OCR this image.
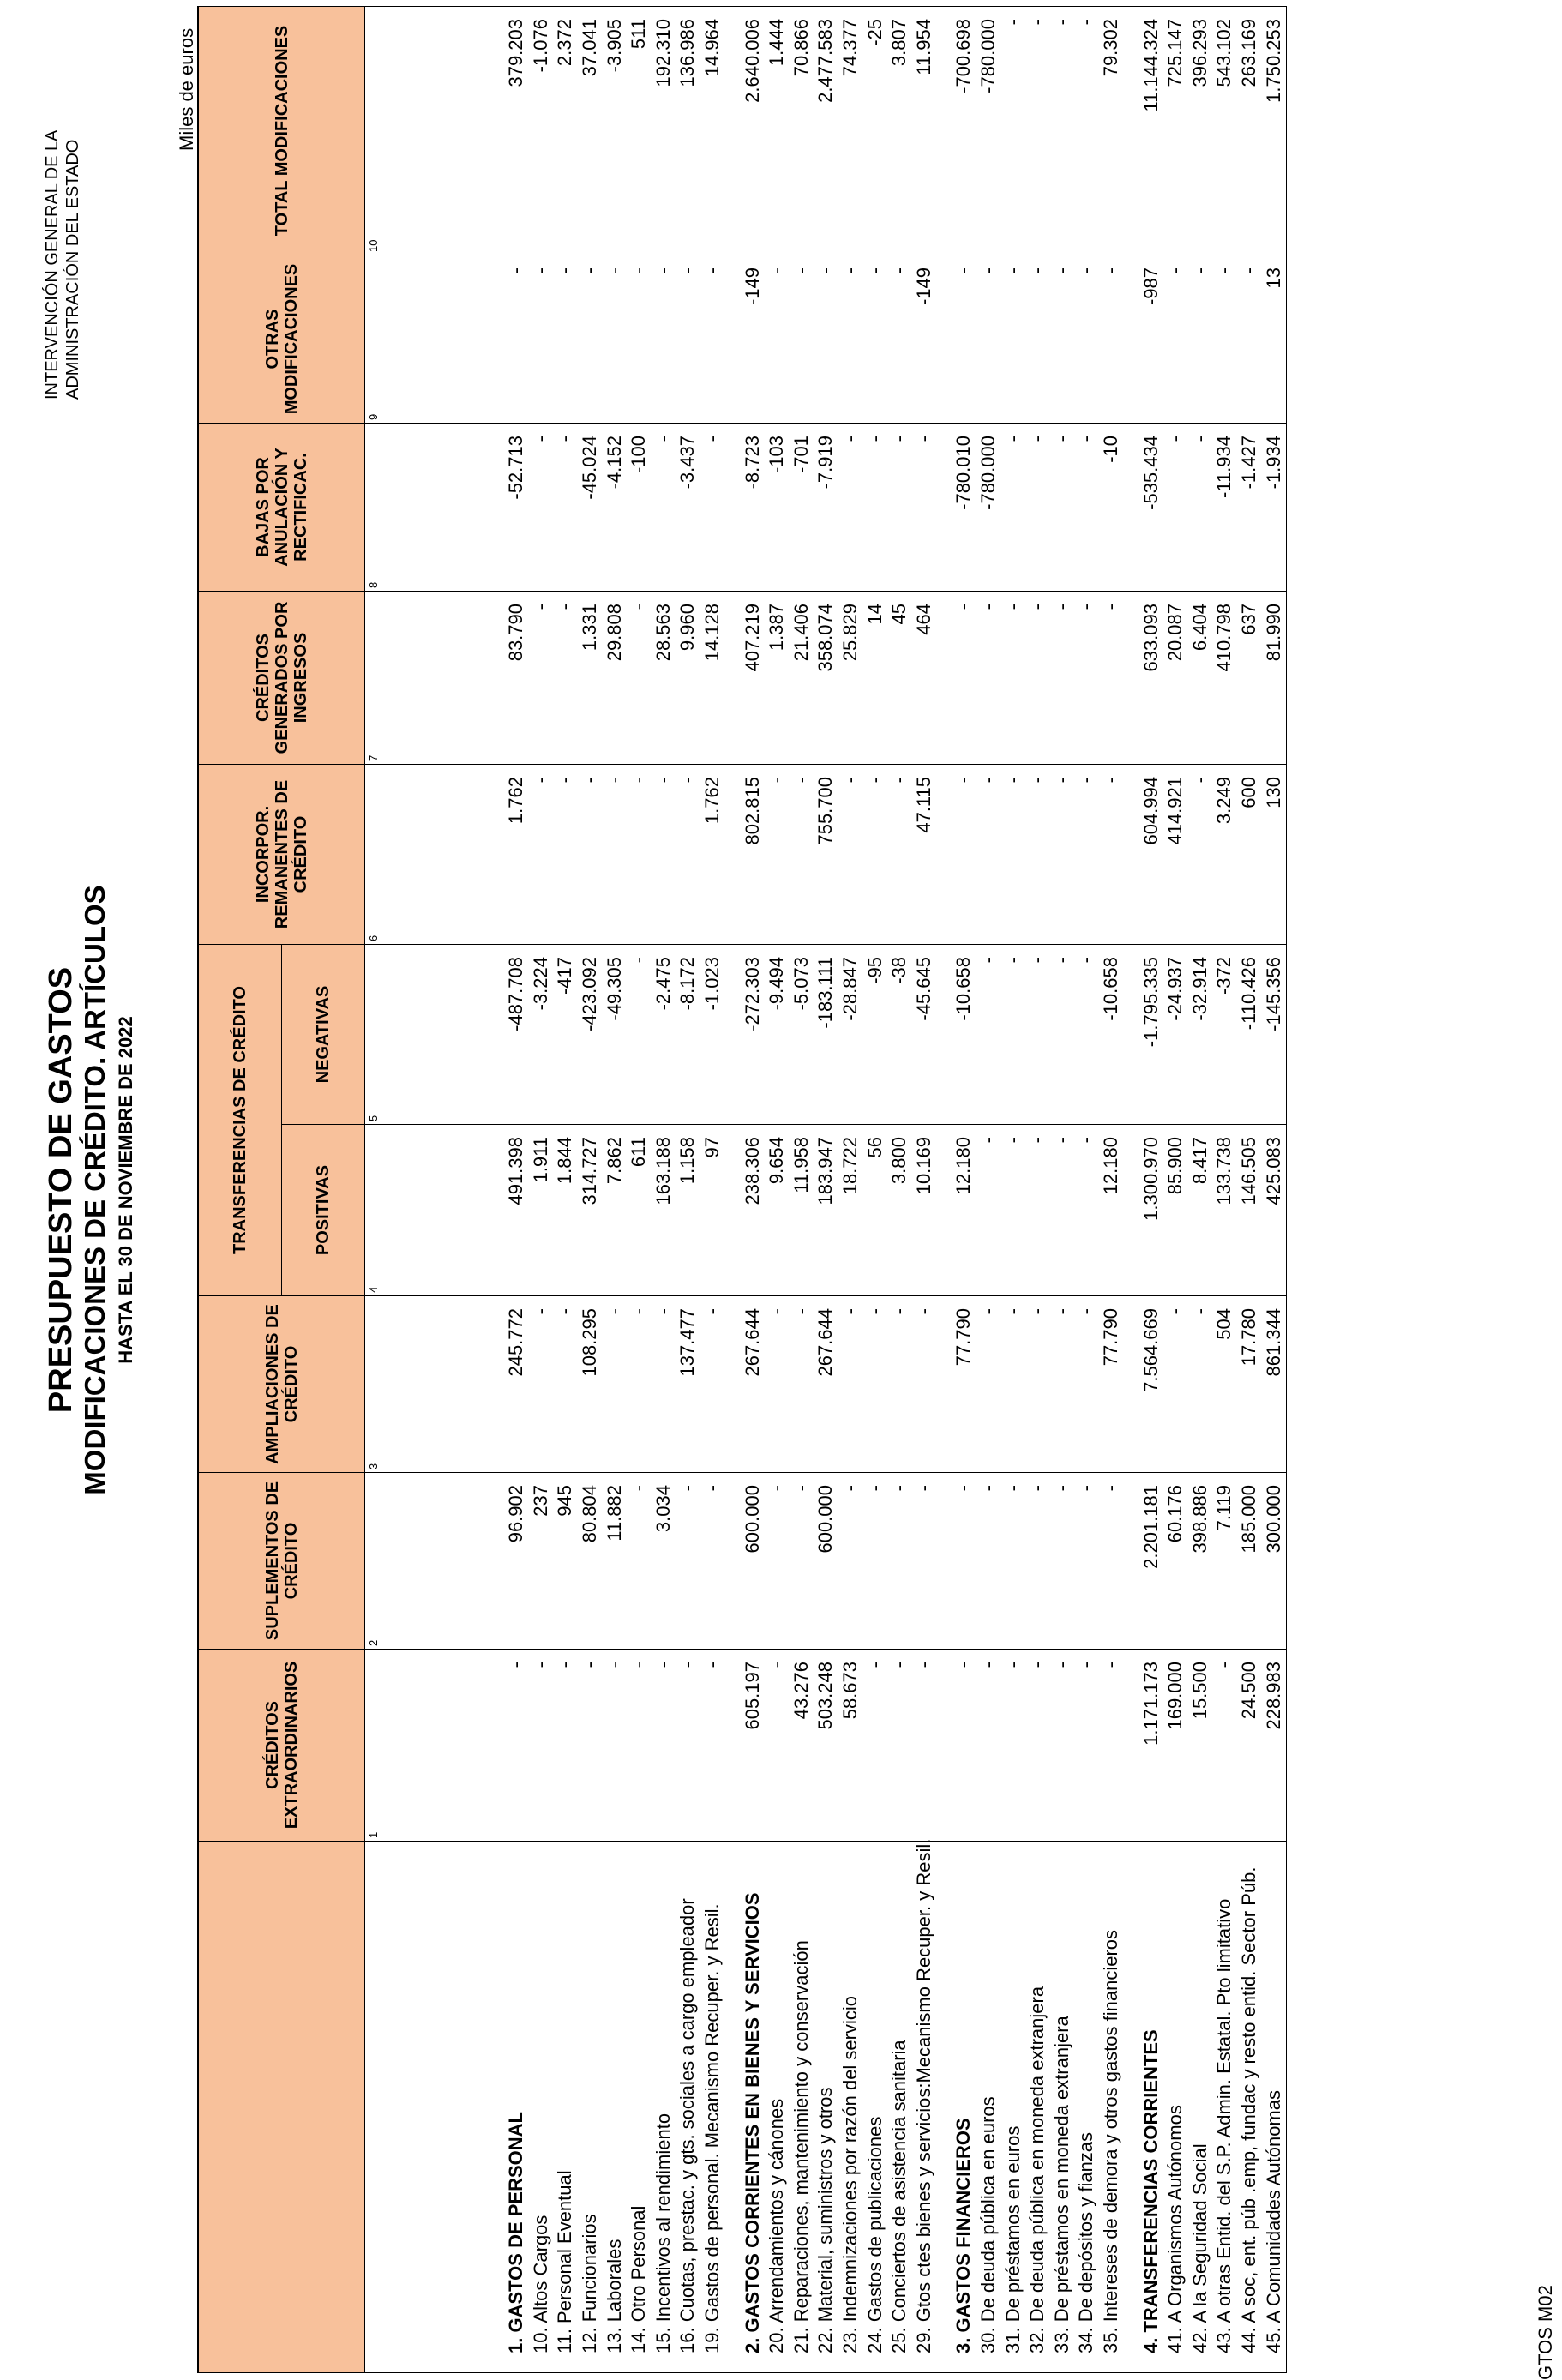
PRESUPUESTO DE GASTOS MODIFICACIONES DE CRÉDITO. ARTÍCULOS HASTA EL 30 DE NOVIEMBRE DE 2022
INTERVENCIÓN GENERAL DE LA ADMINISTRACIÓN DEL ESTADO
Miles de euros
	CRÉDITOS EXTRAORDINARIOS	SUPLEMENTOS DE CRÉDITO	AMPLIACIONES DE CRÉDITO	TRANSFERENCIAS DE CRÉDITO		INCORPOR. REMANENTES DE CRÉDITO	CRÉDITOS GENERADOS POR INGRESOS	BAJAS POR ANULACIÓN Y RECTIFICAC.	OTRAS MODIFICACIONES	TOTAL MODIFICACIONES
				POSITIVAS	NEGATIVAS					
	1	2	3	4	5	6	7	8	9	10

1. GASTOS DE PERSONAL	-	96.902	245.772	491.398	-487.708	1.762	83.790	-52.713	-	379.203
10. Altos Cargos	-	237	-	1.911	-3.224	-	-	-	-	-1.076
11. Personal Eventual	-	945	-	1.844	-417	-	-	-	-	2.372
12. Funcionarios	-	80.804	108.295	314.727	-423.092	-	1.331	-45.024	-	37.041
13. Laborales	-	11.882	-	7.862	-49.305	-	29.808	-4.152	-	-3.905
14. Otro Personal	-	-	-	611	-	-	-	-100	-	511
15. Incentivos al rendimiento	-	3.034	-	163.188	-2.475	-	28.563	-	-	192.310
16. Cuotas, prestac. y gts. sociales a cargo empleador	-	-	137.477	1.158	-8.172	-	9.960	-3.437	-	136.986
19. Gastos de personal. Mecanismo Recuper. y Resil.	-	-	-	97	-1.023	1.762	14.128	-	-	14.964

2. GASTOS CORRIENTES EN BIENES Y SERVICIOS	605.197	600.000	267.644	238.306	-272.303	802.815	407.219	-8.723	-149	2.640.006
20. Arrendamientos y cánones	-	-	-	9.654	-9.494	-	1.387	-103	-	1.444
21. Reparaciones, mantenimiento y conservación	43.276	-	-	11.958	-5.073	-	21.406	-701	-	70.866
22. Material, suministros y otros	503.248	600.000	267.644	183.947	-183.111	755.700	358.074	-7.919	-	2.477.583
23. Indemnizaciones por razón del servicio	58.673	-	-	18.722	-28.847	-	25.829	-	-	74.377
24. Gastos de publicaciones	-	-	-	56	-95	-	14	-	-	-25
25. Conciertos de asistencia sanitaria	-	-	-	3.800	-38	-	45	-	-	3.807
29. Gtos ctes bienes y servicios:Mecanismo Recuper. y Resil.	-	-	-	10.169	-45.645	47.115	464	-	-149	11.954

3. GASTOS FINANCIEROS	-	-	77.790	12.180	-10.658	-	-	-780.010	-	-700.698
30. De deuda pública en euros	-	-	-	-	-	-	-	-780.000	-	-780.000
31. De préstamos en euros	-	-	-	-	-	-	-	-	-	-
32. De deuda pública en moneda extranjera	-	-	-	-	-	-	-	-	-	-
33. De préstamos en moneda extranjera	-	-	-	-	-	-	-	-	-	-
34. De depósitos y fianzas	-	-	-	-	-	-	-	-	-	-
35. Intereses de demora y otros gastos financieros	-	-	77.790	12.180	-10.658	-	-	-10	-	79.302

4. TRANSFERENCIAS CORRIENTES	1.171.173	2.201.181	7.564.669	1.300.970	-1.795.335	604.994	633.093	-535.434	-987	11.144.324
41. A Organismos Autónomos	169.000	60.176	-	85.900	-24.937	414.921	20.087	-	-	725.147
42. A la Seguridad Social	15.500	398.886	-	8.417	-32.914	-	6.404	-	-	396.293
43. A otras Entid. del S.P. Admin. Estatal. Pto limitativo	-	7.119	504	133.738	-372	3.249	410.798	-11.934	-	543.102
44. A soc, ent. púb .emp, fundac y resto entid. Sector Púb.	24.500	185.000	17.780	146.505	-110.426	600	637	-1.427	-	263.169
45. A Comunidades Autónomas	228.983	300.000	861.344	425.083	-145.356	130	81.990	-1.934	13	1.750.253
GTOS M02
